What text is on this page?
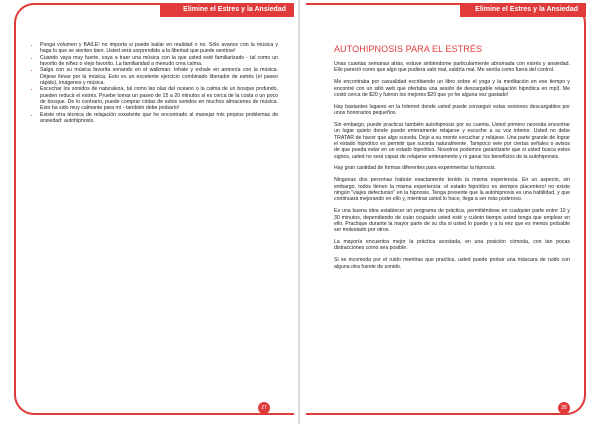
Elimine el Estres y la Ansiedad
• Ponga volumen y BAILE! no importa si puede bailar en realidad o no. Sólo avance con la música y haga lo que se sienten bien. Usted será sorprendido a la libertad que puede sentirse!
• Cuando vaya muy fuerte, vaya a traer una música con la que usted esté familiarizado - tal como un favorito de niñez o viejo favorito. La familiaridad a menudo crea calma.
• Salga con su música favorita sonando en el walkman. Inhale y exhale en armonía con la música. Déjese llevar por la música. Esto es un excelente ejercicio combinado liberador de estrés (el paseo rápido), imágenes y música.
• Escuchar los sonidos de naturaleza, tal como las olas del océano o la calma de un bosque profundo, pueden reducir el estrés. Pruebe tomar un paseo de 15 a 20 minutos si es cerca de la costa o un poco de bosque. De lo contrario, puede comprar cintas de estos sonidos en muchos almacenes de música. Esto ha sido muy calmante para mí - también debe probarlo!
• Existe otra técnica de relajación excelente que he encontrado al manejar mis propios problemas de ansiedad: autohipnosis.
27
Elimine el Estres y la Ansiedad
AUTOHIPNOSIS PARA EL ESTRÉS

Unas cuantas semanas atrás, estuve sintiéndome particularmente abrumada con estrés y ansiedad. Ello pareció como que algo que pudiera salir mal, saldría mal. Me sentía como fuera del control.

Me encontraba por casualidad escribiendo un libro sobre el yoga y la meditación en ese tiempo y encontré con un sitio web que ofertaba una sesión de descargable relajación hipnótica en mp3. Me costó cerca de $20 y fueron los mejores $20 que yo he alguna vez gastado!

Hay bastantes lugares en la Internet donde usted puede conseguir estas sesiones descargables por unos honorarios pequeños.

Sin embargo, puede practicar también autohipnosis por su cuenta. Usted primero necesita encontrar un lugar quieto donde puede enteramente relajarse y escuche a su voz interior. Usted no debe TRATAR de hacer que algo suceda. Deje a su mente escuchar y relájese. Una parte grande de lograr el estado hipnótico es permitir que suceda naturalmente. Tampoco vele por ciertas señales o avisos de que pueda estar en un estado hipnótico. Nosotros podemos garantizarle que si usted busca estos signos, usted no será capaz de relajarse enteramente y ni ganar los beneficios de la autohipnosis.

Hay gran cantidad de formas diferentes para experimentar la hipnosis.

Ningunas dos personas habrán exactamente tenido la misma experiencia. En un aspecto, sin embargo, todos tienen la misma experiencia: el estado hipnótico es siempre placentero! no existe ningún "viajes defectuoso" en la hipnosis. Tenga presente que la autohipnosis es una habilidad, y que continuará mejorando en ello y, mientras usted lo hace, llega a ser más poderoso.

Es una buena idea establecer un programa de práctica, permitiéndose en cualquier parte entre 10 y 30 minutos, dependiendo de cuán ocupado usted esté y cuánto tiempo usted tenga que emplear en ello. Practique durante la mayor parte de su día si usted lo puede y a la vez que es menos probable ser molestado por otros.

La mayoría encuentra mejor la práctica acostada, en una posición cómoda, con tan pocas distracciones como sea posible.

Si se incomoda por el ruido mientras que practica, usted puede probar una máscara de ruido con alguna otra fuente de sonido.

28
